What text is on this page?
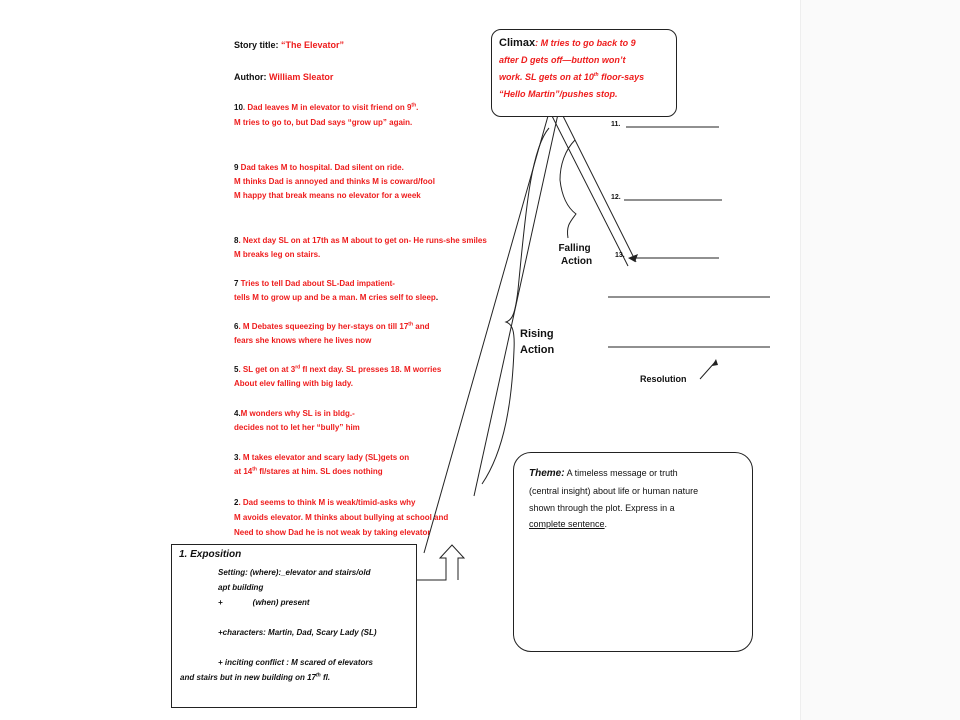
Story title: “The Elevator”
Author: William Sleator
10. Dad leaves M in elevator to visit friend on 9th.
M tries to go to, but Dad says “grow up” again.
9 Dad takes M to hospital. Dad silent on ride.
M thinks Dad is annoyed and thinks M is coward/fool
M happy that break means no elevator for a week
8. Next day SL on at 17th as M about to get on- He runs-she smiles
M breaks leg on stairs.
7 Tries to tell Dad about SL-Dad impatient-
tells M to grow up and be a man. M cries self to sleep.
6. M Debates squeezing by her-stays on till 17th and
fears she knows where he lives now
5. SL get on at 3rd fl next day. SL presses 18. M worries
About elev falling with big lady.
4.M wonders why SL is in bldg.-
decides not to let her “bully” him
3. M takes elevator and scary lady (SL)gets on
at 14th fl/stares at him. SL does nothing
2. Dad seems to think M is weak/timid-asks why
M avoids elevator. M thinks about bullying at school and
Need to show Dad he is not weak by taking elevator
Climax: M tries to go back to 9
after D gets off—button won’t
work. SL gets on at 10th floor-says
“Hello Martin”/pushes stop.
11.
12.
13.
Falling
Action
Rising
Action
Resolution
Theme: A timeless message or truth
(central insight) about life or human nature
shown through the plot. Express in a
complete sentence.
1. Exposition
Setting: (where):_elevator and stairs/old
apt building
+	(when) present
+characters: Martin, Dad, Scary Lady (SL)
+ inciting conflict : M scared of elevators
and stairs but in new building on 17th fl.
